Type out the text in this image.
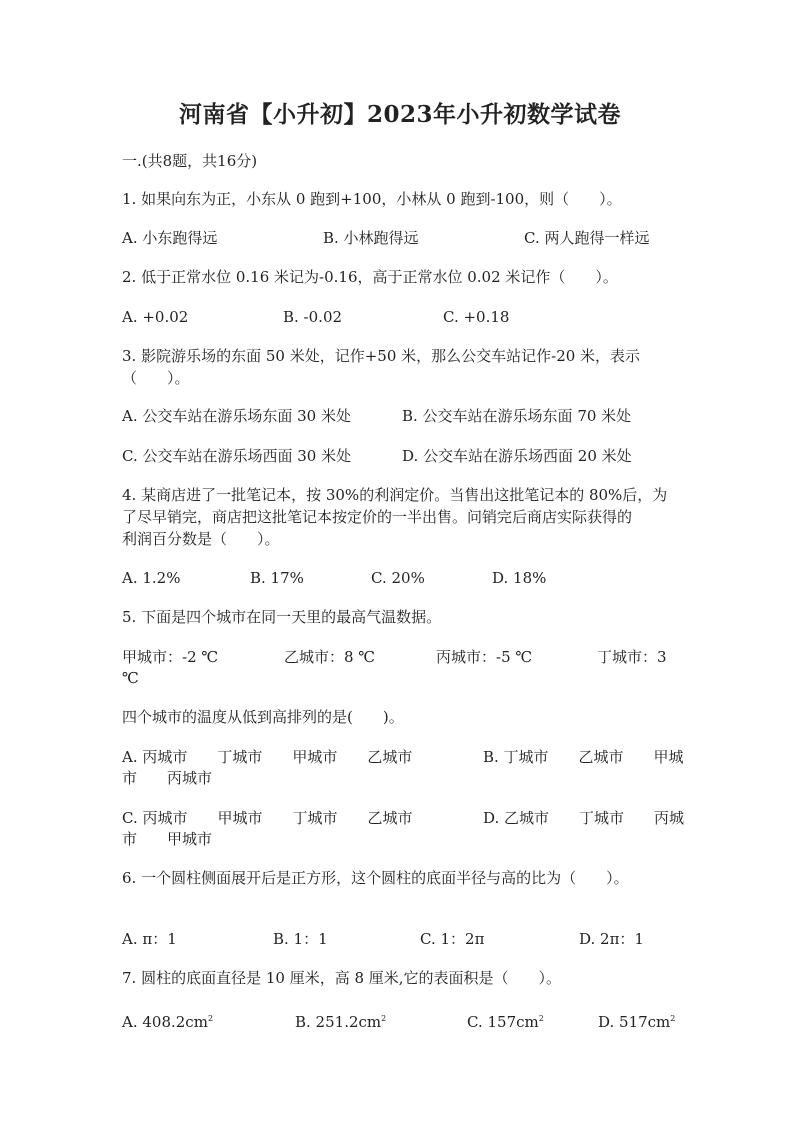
河南省【小升初】2023年小升初数学试卷
一.(共8题，共16分)
1. 如果向东为正，小东从 0 跑到+100，小林从 0 跑到-100，则（　　）。
A. 小东跑得远	B. 小林跑得远	C. 两人跑得一样远
2. 低于正常水位 0.16 米记为-0.16，高于正常水位 0.02 米记作（　　）。
A. +0.02	B. -0.02	C. +0.18
3. 影院游乐场的东面 50 米处，记作+50 米，那么公交车站记作-20 米，表示
（　　）。
A. 公交车站在游乐场东面 30 米处	B. 公交车站在游乐场东面 70 米处
C. 公交车站在游乐场西面 30 米处	D. 公交车站在游乐场西面 20 米处
4. 某商店进了一批笔记本，按 30%的利润定价。当售出这批笔记本的 80%后，为
了尽早销完，商店把这批笔记本按定价的一半出售。问销完后商店实际获得的
利润百分数是（　　）。
A. 1.2%	B. 17%	C. 20%	D. 18%
5. 下面是四个城市在同一天里的最高气温数据。
甲城市：-2 ℃	乙城市：8 ℃	丙城市：-5 ℃	丁城市：3
℃
四个城市的温度从低到高排列的是(　　)。
A. 丙城市　　丁城市　　甲城市　　乙城市	B. 丁城市　　乙城市　　甲城
市　　丙城市
C. 丙城市　　甲城市　　丁城市　　乙城市	D. 乙城市　　丁城市　　丙城
市　　甲城市
6. 一个圆柱侧面展开后是正方形，这个圆柱的底面半径与高的比为（　　）。
A. π：1	B. 1：1	C. 1：2π	D. 2π：1
7. 圆柱的底面直径是 10 厘米，高 8 厘米,它的表面积是（　　）。
A. $408.2cm^2$	B. $251.2cm^2$	C. $157cm^2$	D. $517cm^2$
